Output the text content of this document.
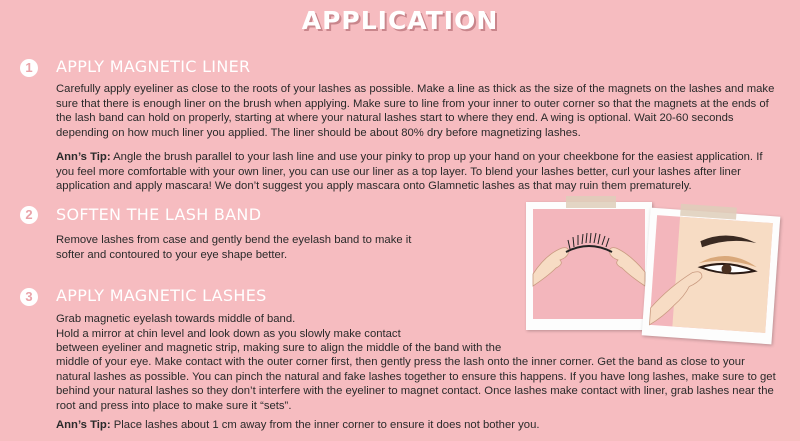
APPLICATION
1	APPLY MAGNETIC LINER
Carefully apply eyeliner as close to the roots of your lashes as possible. Make a line as thick as the size of the magnets on the lashes and make sure that there is enough liner on the brush when applying. Make sure to line from your inner to outer corner so that the magnets at the ends of the lash band can hold on properly, starting at where your natural lashes start to where they end. A wing is optional. Wait 20-60 seconds depending on how much liner you applied. The liner should be about 80% dry before magnetizing lashes.
Ann’s Tip: Angle the brush parallel to your lash line and use your pinky to prop up your hand on your cheekbone for the easiest application. If you feel more comfortable with your own liner, you can use our liner as a top layer. To blend your lashes better, curl your lashes after liner application and apply mascara! We don’t suggest you apply mascara onto Glamnetic lashes as that may ruin them prematurely.
2	SOFTEN THE LASH BAND
Remove lashes from case and gently bend the eyelash band to make it
softer and contoured to your eye shape better.
3	APPLY MAGNETIC LASHES
Grab magnetic eyelash towards middle of band.
Hold a mirror at chin level and look down as you slowly make contact
between eyeliner and magnetic strip, making sure to align the middle of the band with the
middle of your eye. Make contact with the outer corner first, then gently press the lash onto the inner corner. Get the band as close to your natural lashes as possible. You can pinch the natural and fake lashes together to ensure this happens. If you have long lashes, make sure to get behind your natural lashes so they don’t interfere with the eyeliner to magnet contact. Once lashes make contact with liner, grab lashes near the root and press into place to make sure it “sets”.
Ann’s Tip: Place lashes about 1 cm away from the inner corner to ensure it does not bother you.
